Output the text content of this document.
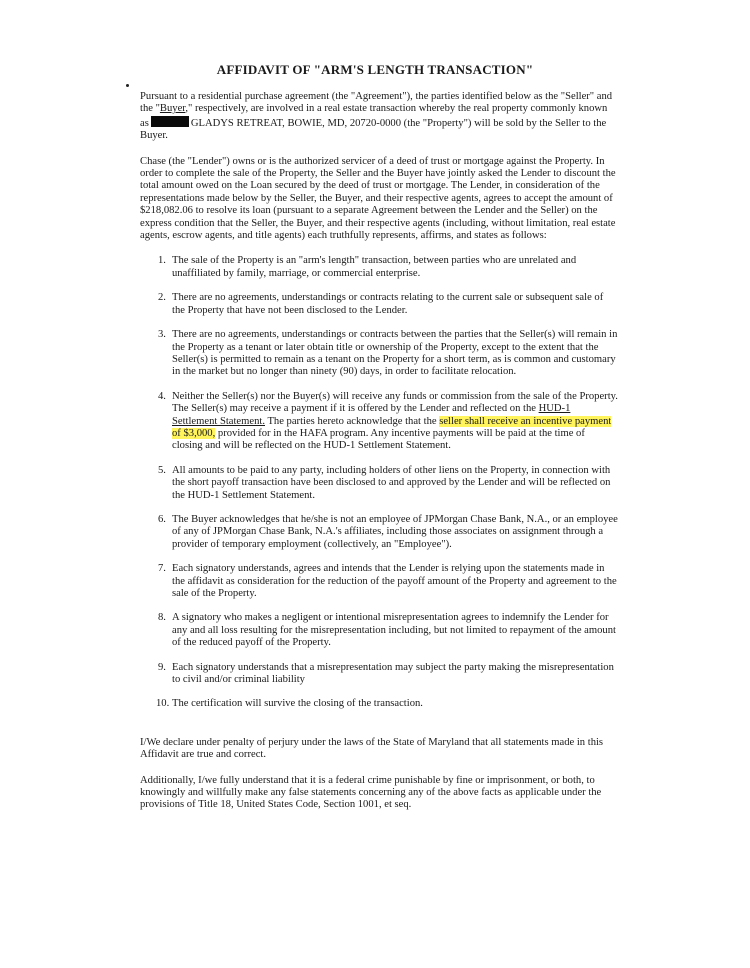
AFFIDAVIT OF "ARM'S LENGTH TRANSACTION"

Pursuant to a residential purchase agreement (the "Agreement"), the parties identified below as the "Seller" and the "Buyer," respectively, are involved in a real estate transaction whereby the real property commonly known as	GLADYS RETREAT, BOWIE, MD, 20720-0000 (the "Property") will be sold by the Seller to the Buyer.

Chase (the "Lender") owns or is the authorized servicer of a deed of trust or mortgage against the Property. In order to complete the sale of the Property, the Seller and the Buyer have jointly asked the Lender to discount the total amount owed on the Loan secured by the deed of trust or mortgage. The Lender, in consideration of the representations made below by the Seller, the Buyer, and their respective agents, agrees to accept the amount of $218,082.06 to resolve its loan (pursuant to a separate Agreement between the Lender and the Seller) on the express condition that the Seller, the Buyer, and their respective agents (including, without limitation, real estate agents, escrow agents, and title agents) each truthfully represents, affirms, and states as follows:

1. The sale of the Property is an "arm's length" transaction, between parties who are unrelated and unaffiliated by family, marriage, or commercial enterprise.
2. There are no agreements, understandings or contracts relating to the current sale or subsequent sale of the Property that have not been disclosed to the Lender.
3. There are no agreements, understandings or contracts between the parties that the Seller(s) will remain in the Property as a tenant or later obtain title or ownership of the Property, except to the extent that the Seller(s) is permitted to remain as a tenant on the Property for a short term, as is common and customary in the market but no longer than ninety (90) days, in order to facilitate relocation.
4. Neither the Seller(s) nor the Buyer(s) will receive any funds or commission from the sale of the Property. The Seller(s) may receive a payment if it is offered by the Lender and reflected on the HUD-1 Settlement Statement. The parties hereto acknowledge that the seller shall receive an incentive payment of $3,000, provided for in the HAFA program. Any incentive payments will be paid at the time of closing and will be reflected on the HUD-1 Settlement Statement.
5. All amounts to be paid to any party, including holders of other liens on the Property, in connection with the short payoff transaction have been disclosed to and approved by the Lender and will be reflected on the HUD-1 Settlement Statement.
6. The Buyer acknowledges that he/she is not an employee of JPMorgan Chase Bank, N.A., or an employee of any of JPMorgan Chase Bank, N.A.'s affiliates, including those associates on assignment through a provider of temporary employment (collectively, an "Employee").
7. Each signatory understands, agrees and intends that the Lender is relying upon the statements made in the affidavit as consideration for the reduction of the payoff amount of the Property and agreement to the sale of the Property.
8. A signatory who makes a negligent or intentional misrepresentation agrees to indemnify the Lender for any and all loss resulting for the misrepresentation including, but not limited to repayment of the amount of the reduced payoff of the Property.
9. Each signatory understands that a misrepresentation may subject the party making the misrepresentation to civil and/or criminal liability
10. The certification will survive the closing of the transaction.

I/We declare under penalty of perjury under the laws of the State of Maryland that all statements made in this Affidavit are true and correct.

Additionally, I/we fully understand that it is a federal crime punishable by fine or imprisonment, or both, to knowingly and willfully make any false statements concerning any of the above facts as applicable under the provisions of Title 18, United States Code, Section 1001, et seq.
